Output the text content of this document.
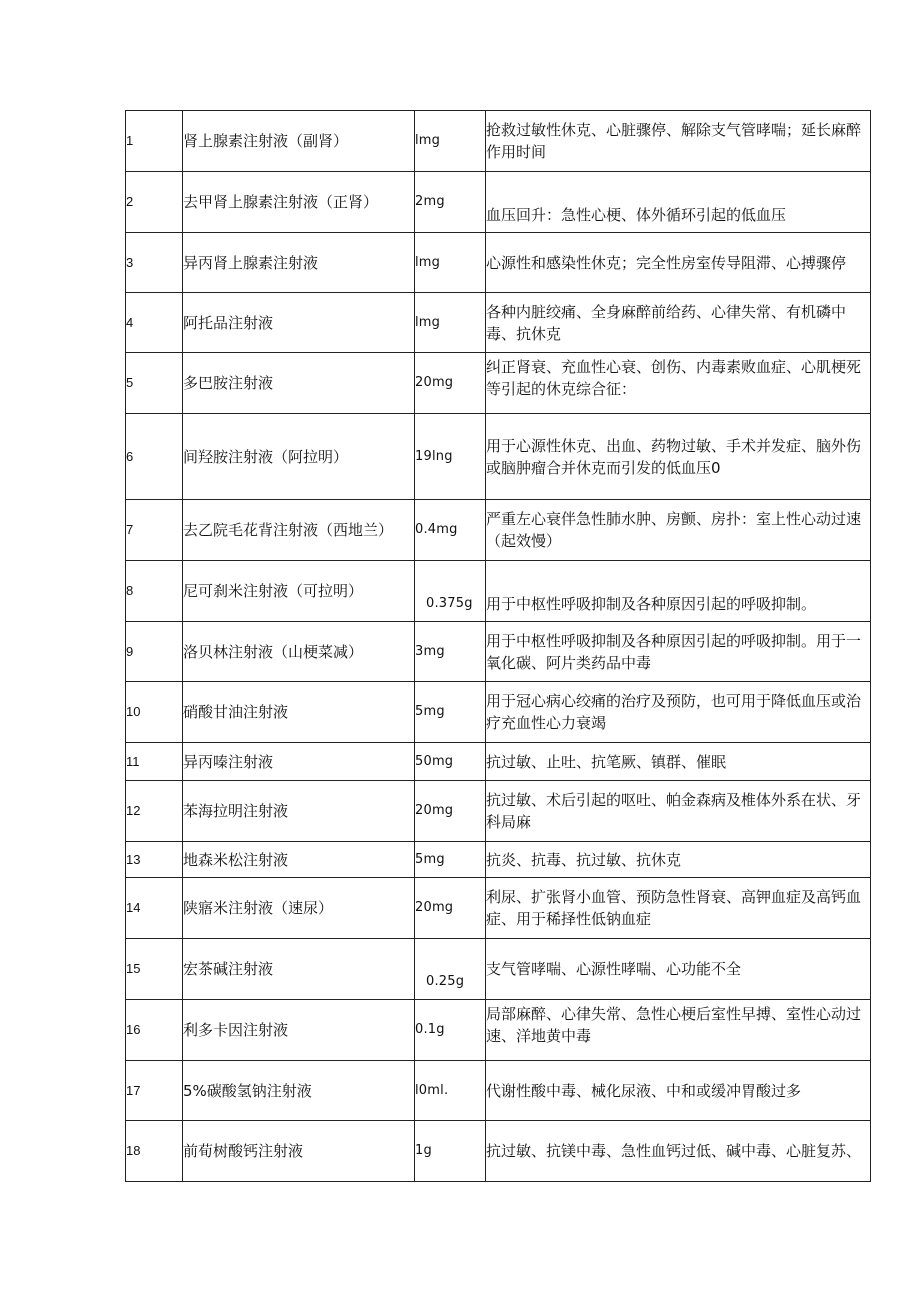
1	肾上腺素注射液（副肾）	lmg	抢救过敏性休克、心脏骤停、解除支气管哮喘；延长麻醉作用时间
2	去甲肾上腺素注射液（正肾）	2mg	血压回升：急性心梗、体外循环引起的低血压
3	异丙肾上腺素注射液	lmg	心源性和感染性休克；完全性房室传导阻滞、心搏骤停
4	阿托品注射液	lmg	各种内脏绞痛、全身麻醉前给药、心律失常、有机磷中毒、抗休克
5	多巴胺注射液	20mg	纠正肾衰、充血性心衰、创伤、内毒素败血症、心肌梗死等引起的休克综合征：
6	间羟胺注射液（阿拉明）	19lng	用于心源性休克、出血、药物过敏、手术并发症、脑外伤或脑肿瘤合并休克而引发的低血压0
7	去乙院毛花背注射液（西地兰）	0.4mg	严重左心衰伴急性肺水肿、房颤、房扑：室上性心动过速（起效慢）
8	尼可刹米注射液（可拉明）	0.375g	用于中枢性呼吸抑制及各种原因引起的呼吸抑制。
9	洛贝林注射液（山梗菜减）	3mg	用于中枢性呼吸抑制及各种原因引起的呼吸抑制。用于一氧化碳、阿片类药品中毒
10	硝酸甘油注射液	5mg	用于冠心病心绞痛的治疗及预防，也可用于降低血压或治疗充血性心力衰竭
11	异丙嗪注射液	50mg	抗过敏、止吐、抗笔厥、镇群、催眠
12	苯海拉明注射液	20mg	抗过敏、术后引起的呕吐、帕金森病及椎体外系在状、牙科局麻
13	地森米松注射液	5mg	抗炎、抗毒、抗过敏、抗休克
14	陕寤米注射液（速尿）	20mg	利尿、扩张肾小血管、预防急性肾衰、高钾血症及高钙血症、用于稀择性低钠血症
15	宏茶碱注射液	0.25g	支气管哮喘、心源性哮喘、心功能不全
16	利多卡因注射液	0.1g	局部麻醉、心律失常、急性心梗后室性早搏、室性心动过速、洋地黄中毒
17	5%碳酸氢钠注射液	l0ml.	代谢性酸中毒、械化尿液、中和或缓冲胃酸过多
18	前荀树酸钙注射液	1g	抗过敏、抗镁中毒、急性血钙过低、碱中毒、心脏复苏、
